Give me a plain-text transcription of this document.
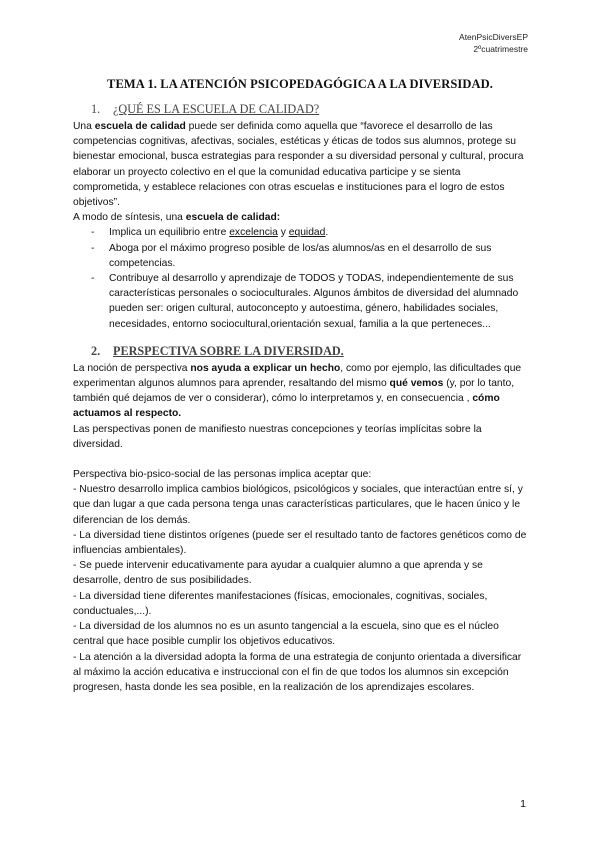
AtenPsicDiversEP
2ºcuatrimestre
TEMA 1. LA ATENCIÓN PSICOPEDAGÓGICA A LA DIVERSIDAD.
1. ¿QUÉ ES LA ESCUELA DE CALIDAD?

Una escuela de calidad puede ser definida como aquella que “favorece el desarrollo de las competencias cognitivas, afectivas, sociales, estéticas y éticas de todos sus alumnos, protege su bienestar emocional, busca estrategias para responder a su diversidad personal y cultural, procura elaborar un proyecto colectivo en el que la comunidad educativa participe y se sienta comprometida, y establece relaciones con otras escuelas e instituciones para el logro de estos objetivos”.

A modo de síntesis, una escuela de calidad:

- Implica un equilibrio entre excelencia y equidad.
- Aboga por el máximo progreso posible de los/as alumnos/as en el desarrollo de sus competencias.
- Contribuye al desarrollo y aprendizaje de TODOS y TODAS, independientemente de sus características personales o socioculturales. Algunos ámbitos de diversidad del alumnado pueden ser: origen cultural, autoconcepto y autoestima, género, habilidades sociales, necesidades, entorno sociocultural,orientación sexual, familia a la que perteneces...
2. PERSPECTIVA SOBRE LA DIVERSIDAD.

La noción de perspectiva nos ayuda a explicar un hecho, como por ejemplo, las dificultades que experimentan algunos alumnos para aprender, resaltando del mismo qué vemos (y, por lo tanto, también qué dejamos de ver o considerar), cómo lo interpretamos y, en consecuencia , cómo actuamos al respecto.

Las perspectivas ponen de manifiesto nuestras concepciones y teorías implícitas sobre la diversidad.

Perspectiva bio-psico-social de las personas implica aceptar que:

- Nuestro desarrollo implica cambios biológicos, psicológicos y sociales, que interactúan entre sí, y que dan lugar a que cada persona tenga unas características particulares, que le hacen único y le diferencian de los demás.

- La diversidad tiene distintos orígenes (puede ser el resultado tanto de factores genéticos como de influencias ambientales).

- Se puede intervenir educativamente para ayudar a cualquier alumno a que aprenda y se desarrolle, dentro de sus posibilidades.

- La diversidad tiene diferentes manifestaciones (físicas, emocionales, cognitivas, sociales, conductuales,...).

- La diversidad de los alumnos no es un asunto tangencial a la escuela, sino que es el núcleo central que hace posible cumplir los objetivos educativos.

- La atención a la diversidad adopta la forma de una estrategia de conjunto orientada a diversificar al máximo la acción educativa e instruccional con el fin de que todos los alumnos sin excepción progresen, hasta donde les sea posible, en la realización de los aprendizajes escolares.

1
